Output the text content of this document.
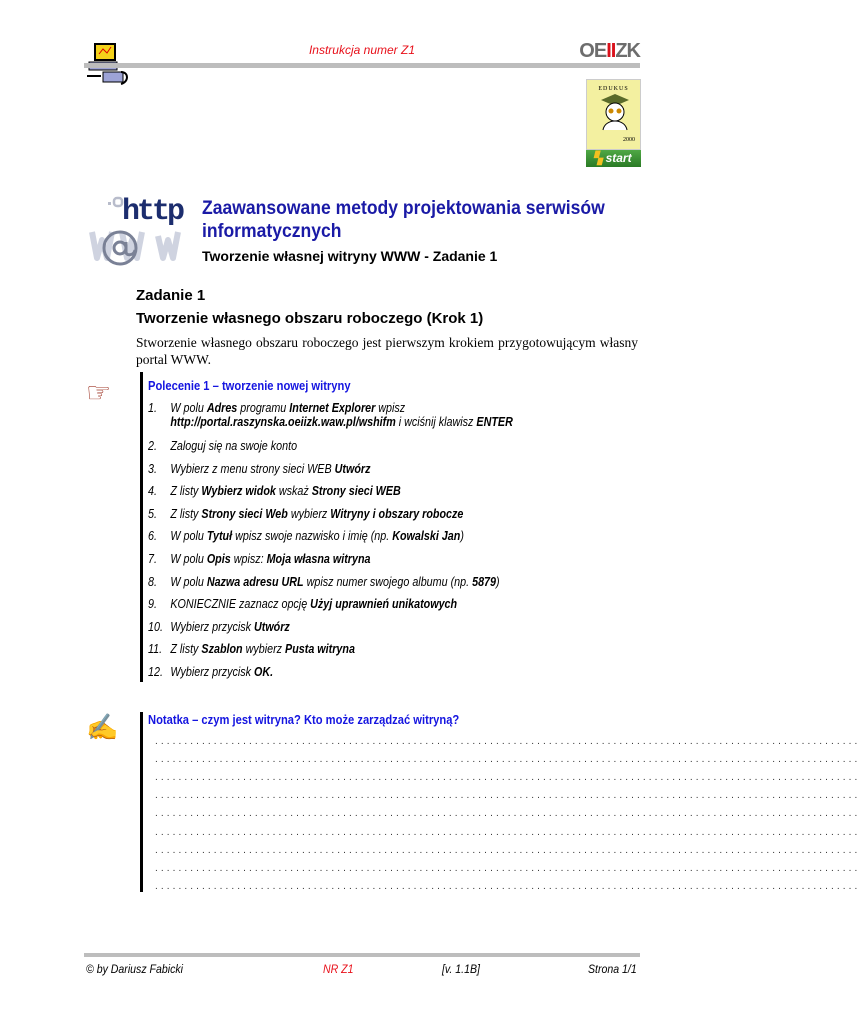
Instrukcja numer Z1	OEIIZK
EDUKUS
2000
▚ start
http Zaawansowane metody projektowania serwisów informatycznych
Tworzenie własnej witryny WWW - Zadanie 1
Zadanie 1
Tworzenie własnego obszaru roboczego (Krok 1)
Stworzenie własnego obszaru roboczego jest pierwszym krokiem przygotowującym własny portal WWW.
☞	Polecenie 1 – tworzenie nowej witryny
1.	W polu Adres programu Internet Explorer wpisz
http://portal.raszynska.oeiizk.waw.pl/wshifm i wciśnij klawisz ENTER
2.	Zaloguj się na swoje konto
3.	Wybierz z menu strony sieci WEB Utwórz
4.	Z listy Wybierz widok wskaż Strony sieci WEB
5.	Z listy Strony sieci Web wybierz Witryny i obszary robocze
6.	W polu Tytuł wpisz swoje nazwisko i imię (np. Kowalski Jan)
7.	W polu Opis wpisz: Moja własna witryna
8.	W polu Nazwa adresu URL wpisz numer swojego albumu (np. 5879)
9.	KONIECZNIE zaznacz opcję Użyj uprawnień unikatowych
10. Wybierz przycisk Utwórz
11. Z listy Szablon wybierz Pusta witryna
12. Wybierz przycisk OK.
✍ Notatka – czym jest witryna? Kto może zarządzać witryną?
........................................................................................................................
........................................................................................................................
........................................................................................................................
........................................................................................................................
........................................................................................................................
........................................................................................................................
........................................................................................................................
........................................................................................................................
........................................................................................................................
© by Dariusz Fabicki	NR Z1	[v. 1.1B]	Strona 1/1
